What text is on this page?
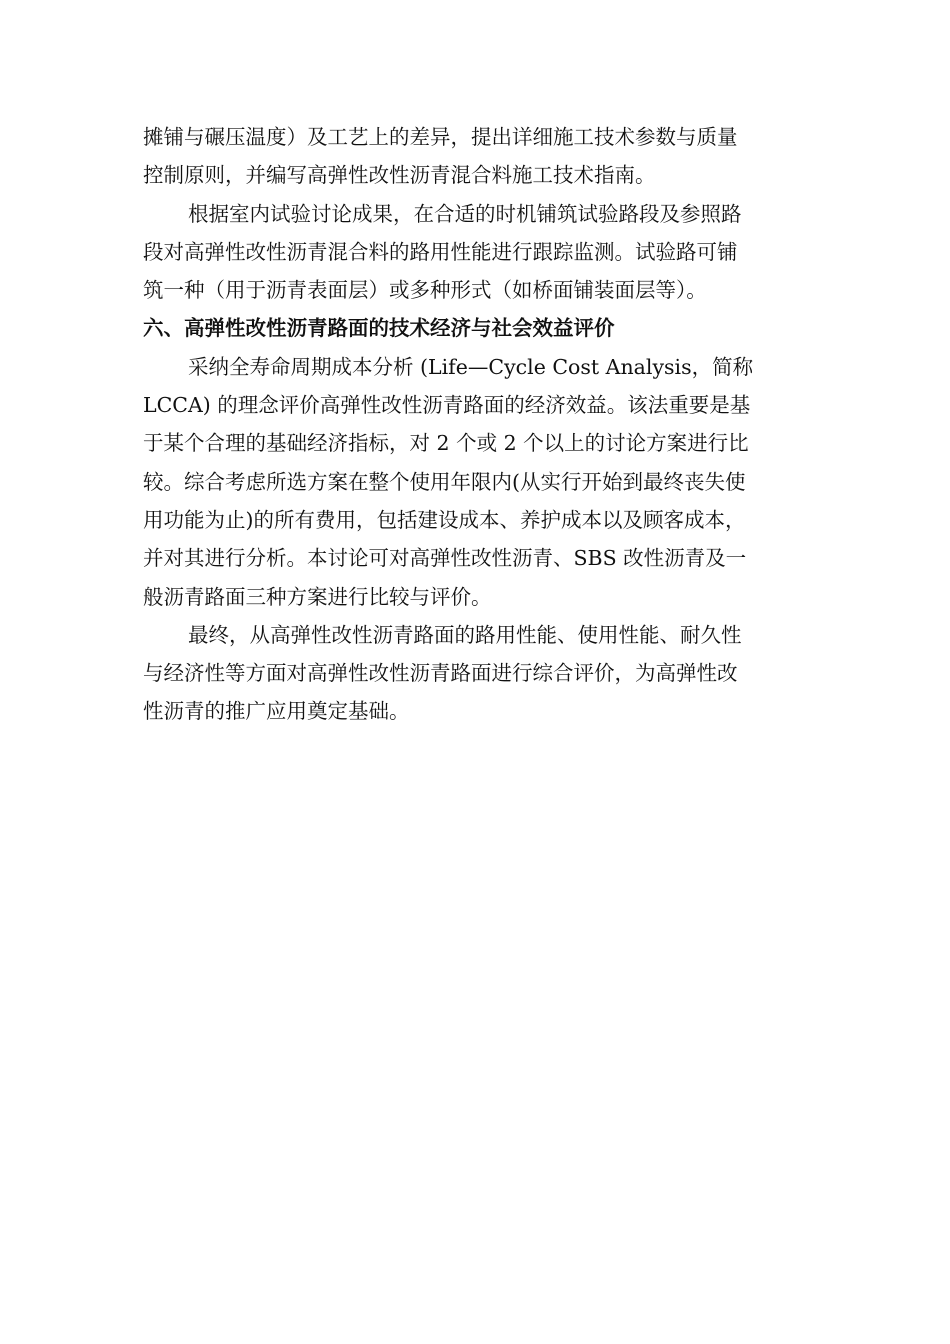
摊铺与碾压温度）及工艺上的差异，提出详细施工技术参数与质量
控制原则，并编写高弹性改性沥青混合料施工技术指南。
根据室内试验讨论成果，在合适的时机铺筑试验路段及参照路
段对高弹性改性沥青混合料的路用性能进行跟踪监测。试验路可铺
筑一种（用于沥青表面层）或多种形式（如桥面铺装面层等）。
六、高弹性改性沥青路面的技术经济与社会效益评价
采纳全寿命周期成本分析 (Life—Cycle Cost Analysis，简称
LCCA) 的理念评价高弹性改性沥青路面的经济效益。该法重要是基
于某个合理的基础经济指标，对 2 个或 2 个以上的讨论方案进行比
较。综合考虑所选方案在整个使用年限内(从实行开始到最终丧失使
用功能为止)的所有费用，包括建设成本、养护成本以及顾客成本，
并对其进行分析。本讨论可对高弹性改性沥青、SBS 改性沥青及一
般沥青路面三种方案进行比较与评价。
最终，从高弹性改性沥青路面的路用性能、使用性能、耐久性
与经济性等方面对高弹性改性沥青路面进行综合评价，为高弹性改
性沥青的推广应用奠定基础。
